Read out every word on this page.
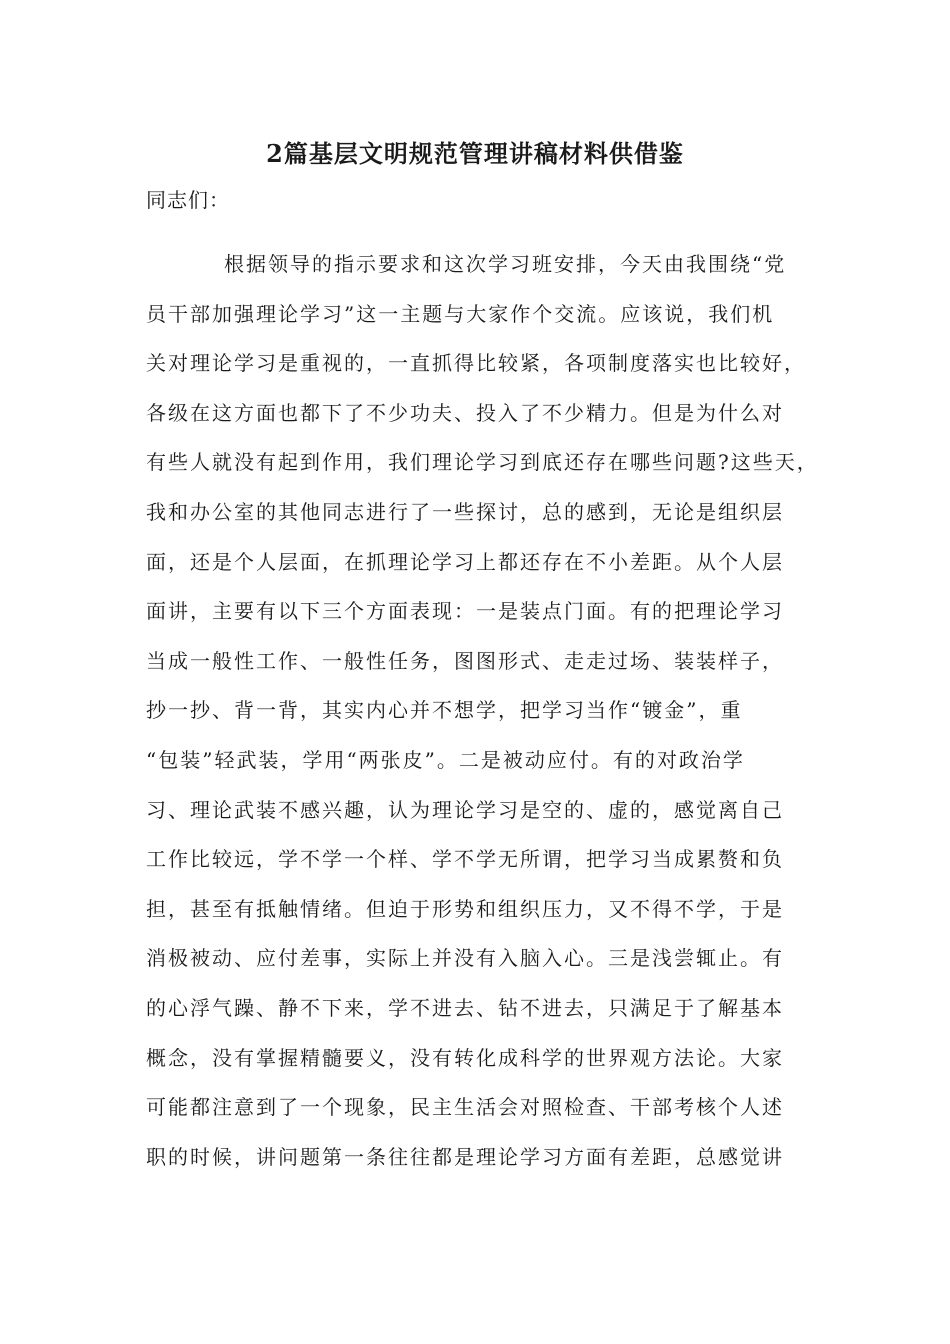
2篇基层文明规范管理讲稿材料供借鉴

同志们：

根据领导的指示要求和这次学习班安排，今天由我围绕“党
员干部加强理论学习”这一主题与大家作个交流。应该说，我们机
关对理论学习是重视的，一直抓得比较紧，各项制度落实也比较好，
各级在这方面也都下了不少功夫、投入了不少精力。但是为什么对
有些人就没有起到作用，我们理论学习到底还存在哪些问题?这些天，
我和办公室的其他同志进行了一些探讨，总的感到，无论是组织层
面，还是个人层面，在抓理论学习上都还存在不小差距。从个人层
面讲，主要有以下三个方面表现：一是装点门面。有的把理论学习
当成一般性工作、一般性任务，图图形式、走走过场、装装样子，
抄一抄、背一背，其实内心并不想学，把学习当作“镀金”，重
“包装”轻武装，学用“两张皮”。二是被动应付。有的对政治学
习、理论武装不感兴趣，认为理论学习是空的、虚的，感觉离自己
工作比较远，学不学一个样、学不学无所谓，把学习当成累赘和负
担，甚至有抵触情绪。但迫于形势和组织压力，又不得不学，于是
消极被动、应付差事，实际上并没有入脑入心。三是浅尝辄止。有
的心浮气躁、静不下来，学不进去、钻不进去，只满足于了解基本
概念，没有掌握精髓要义，没有转化成科学的世界观方法论。大家
可能都注意到了一个现象，民主生活会对照检查、干部考核个人述
职的时候，讲问题第一条往往都是理论学习方面有差距，总感觉讲
